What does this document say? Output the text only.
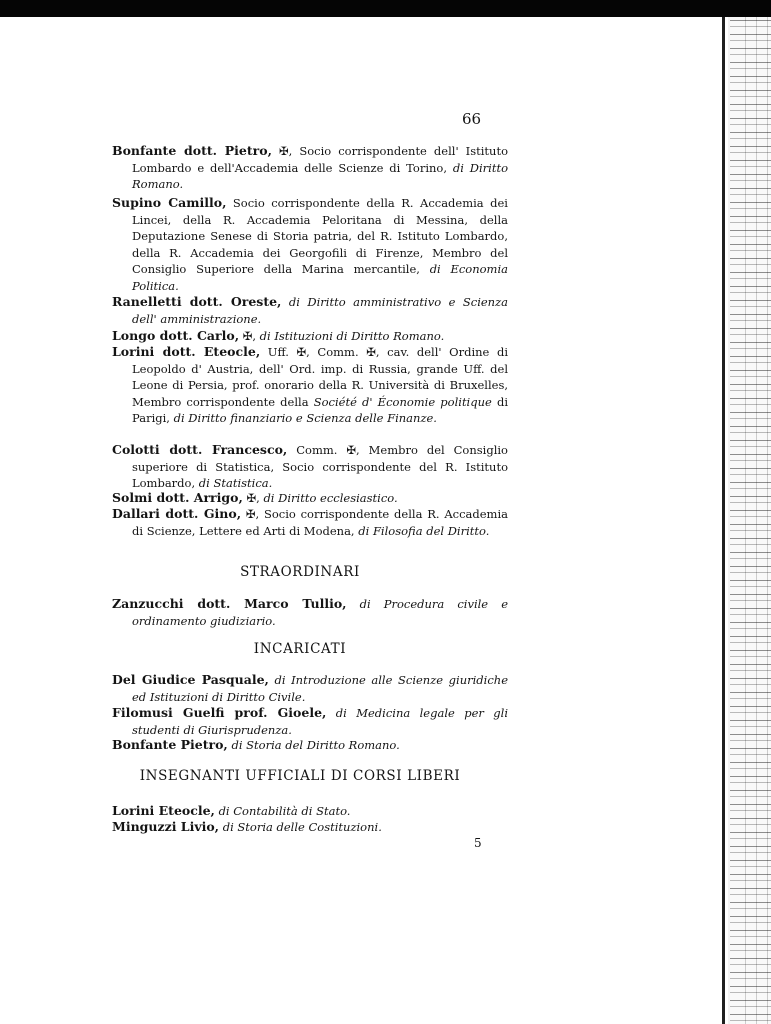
66

Bonfante dott. Pietro, ✠, Socio corrispondente dell' Istituto Lombardo e dell'Accademia delle Scienze di Torino, di Diritto Romano.

Supino Camillo, Socio corrispondente della R. Accademia dei Lincei, della R. Accademia Peloritana di Messina, della Deputazione Senese di Storia patria, del R. Istituto Lombardo, della R. Accademia dei Georgofili di Firenze, Membro del Consiglio Superiore della Marina mercantile, di Economia Politica.

Ranelletti dott. Oreste, di Diritto amministrativo e Scienza dell' amministrazione.

Longo dott. Carlo, ✠, di Istituzioni di Diritto Romano.

Lorini dott. Eteocle, Uff. ✠, Comm. ✠, cav. dell' Ordine di Leopoldo d' Austria, dell' Ord. imp. di Russia, grande Uff. del Leone di Persia, prof. onorario della R. Università di Bruxelles, Membro corrispondente della Société d' Économie politique di Parigi, di Diritto finanziario e Scienza delle Finanze.

Colotti dott. Francesco, Comm. ✠, Membro del Consiglio superiore di Statistica, Socio corrispondente del R. Istituto Lombardo, di Statistica.

Solmi dott. Arrigo, ✠, di Diritto ecclesiastico.

Dallari dott. Gino, ✠, Socio corrispondente della R. Accademia di Scienze, Lettere ed Arti di Modena, di Filosofia del Diritto.

STRAORDINARI

Zanzucchi dott. Marco Tullio, di Procedura civile e ordinamento giudiziario.

INCARICATI

Del Giudice Pasquale, di Introduzione alle Scienze giuridiche ed Istituzioni di Diritto Civile.

Filomusi Guelfi prof. Gioele, di Medicina legale per gli studenti di Giurisprudenza.

Bonfante Pietro, di Storia del Diritto Romano.

INSEGNANTI UFFICIALI DI CORSI LIBERI

Lorini Eteocle, di Contabilità di Stato.

Minguzzi Livio, di Storia delle Costituzioni.

5
